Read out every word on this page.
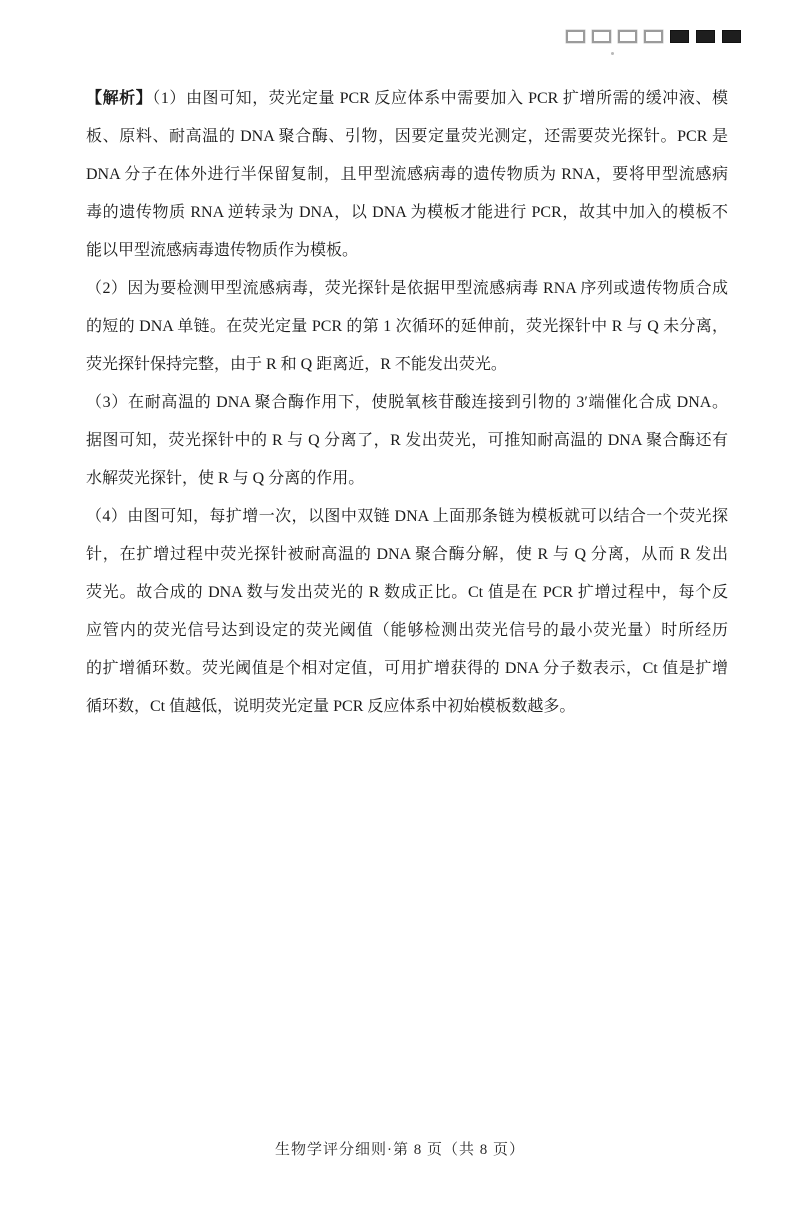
【解析】（1）由图可知，荧光定量 PCR 反应体系中需要加入 PCR 扩增所需的缓冲液、模
板、原料、耐高温的 DNA 聚合酶、引物，因要定量荧光测定，还需要荧光探针。PCR 是
DNA 分子在体外进行半保留复制，且甲型流感病毒的遗传物质为 RNA，要将甲型流感病
毒的遗传物质 RNA 逆转录为 DNA，以 DNA 为模板才能进行 PCR，故其中加入的模板不
能以甲型流感病毒遗传物质作为模板。
（2）因为要检测甲型流感病毒，荧光探针是依据甲型流感病毒 RNA 序列或遗传物质合成
的短的 DNA 单链。在荧光定量 PCR 的第 1 次循环的延伸前，荧光探针中 R 与 Q 未分离，
荧光探针保持完整，由于 R 和 Q 距离近，R 不能发出荧光。
（3）在耐高温的 DNA 聚合酶作用下，使脱氧核苷酸连接到引物的 3′端催化合成 DNA。
据图可知，荧光探针中的 R 与 Q 分离了，R 发出荧光，可推知耐高温的 DNA 聚合酶还有
水解荧光探针，使 R 与 Q 分离的作用。
（4）由图可知，每扩增一次，以图中双链 DNA 上面那条链为模板就可以结合一个荧光探
针，在扩增过程中荧光探针被耐高温的 DNA 聚合酶分解，使 R 与 Q 分离，从而 R 发出
荧光。故合成的 DNA 数与发出荧光的 R 数成正比。Ct 值是在 PCR 扩增过程中，每个反
应管内的荧光信号达到设定的荧光阈值（能够检测出荧光信号的最小荧光量）时所经历
的扩增循环数。荧光阈值是个相对定值，可用扩增获得的 DNA 分子数表示，Ct 值是扩增
循环数，Ct 值越低，说明荧光定量 PCR 反应体系中初始模板数越多。
生物学评分细则·第 8 页（共 8 页）
